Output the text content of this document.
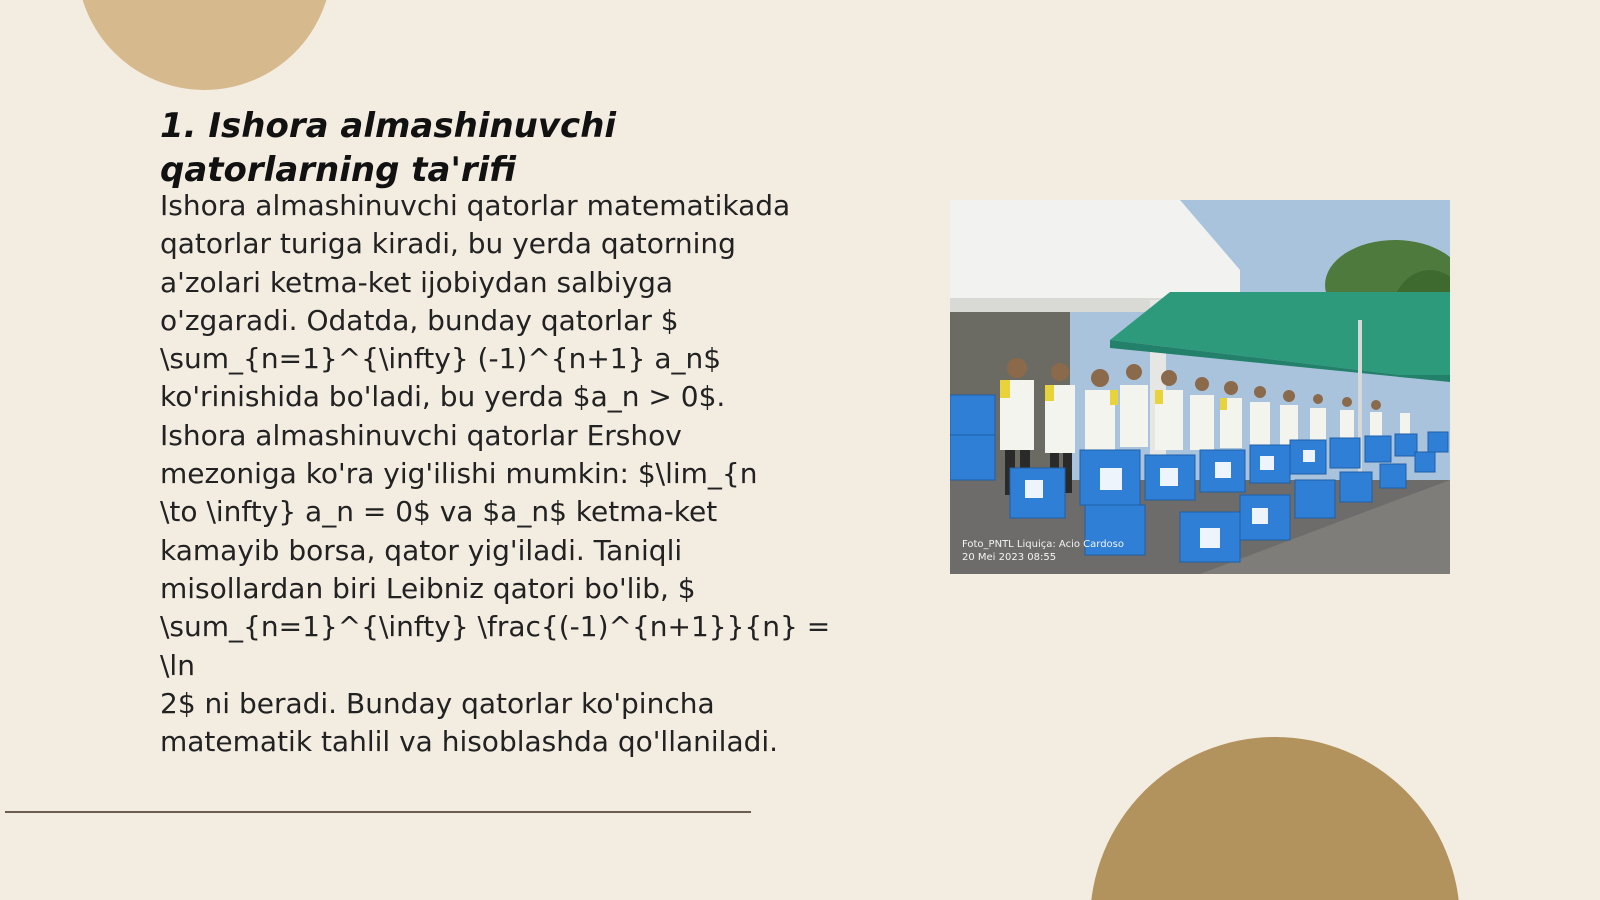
1. Ishora almashinuvchi qatorlarning ta'rifi

Ishora almashinuvchi qatorlar matematikada
qatorlar turiga kiradi, bu yerda qatorning
a'zolari ketma-ket ijobiydan salbiyga
o'zgaradi. Odatda, bunday qatorlar $
\sum_{n=1}^{\infty} (-1)^{n+1} a_n$
ko'rinishida bo'ladi, bu yerda $a_n > 0$.
Ishora almashinuvchi qatorlar Ershov
mezoniga ko'ra yig'ilishi mumkin: $\lim_{n
\to \infty} a_n = 0$ va $a_n$ ketma-ket
kamayib borsa, qator yig'iladi. Taniqli
misollardan biri Leibniz qatori bo'lib, $
\sum_{n=1}^{\infty} \frac{(-1)^{n+1}}{n} = \ln
2$ ni beradi. Bunday qatorlar ko'pincha
matematik tahlil va hisoblashda qo'llaniladi.

Foto_PNTL Liquiça: Acio Cardoso
20 Mei 2023 08:55
